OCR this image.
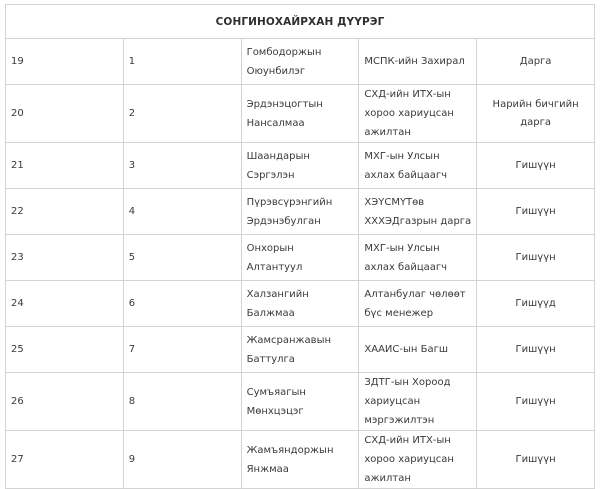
СОНГИНОХАЙРХАН ДҮҮРЭГ				
19	1	Гомбодоржын
Оюунбилэг	МСПК-ийн Захирал	Дарга
20	2	Эрдэнэцогтын
Нансалмаа	СХД-ийн ИТХ-ын хороо хариуцсан
ажилтан	Нарийн бичгийн дарга
21	3	Шаандарын
Сэргэлэн	МХГ-ын Улсын ахлах байцаагч	Гишүүн
22	4	Пүрэвсүрэнгийн
Эрдэнэбулган	ХЭҮСМҮТөв
ХХХЭДгазрын дарга	Гишүүн
23	5	Онхорын
Алтантуул	МХГ-ын Улсын ахлах байцаагч	Гишүүн
24	6	Халзангийн
Балжмаа	Алтанбулаг чөлөөт бүс менежер	Гишүүд
25	7	Жамсранжавын
Баттулга	ХААИС-ын Багш	Гишүүн
26	8	Сумъяагын
Мөнхцэцэг	ЗДТГ-ын Хороод хариуцсан
мэргэжилтэн	Гишүүн
27	9	Жамъяндоржын
Янжмаа	СХД-ийн ИТХ-ын хороо хариуцсан
ажилтан	Гишүүн
